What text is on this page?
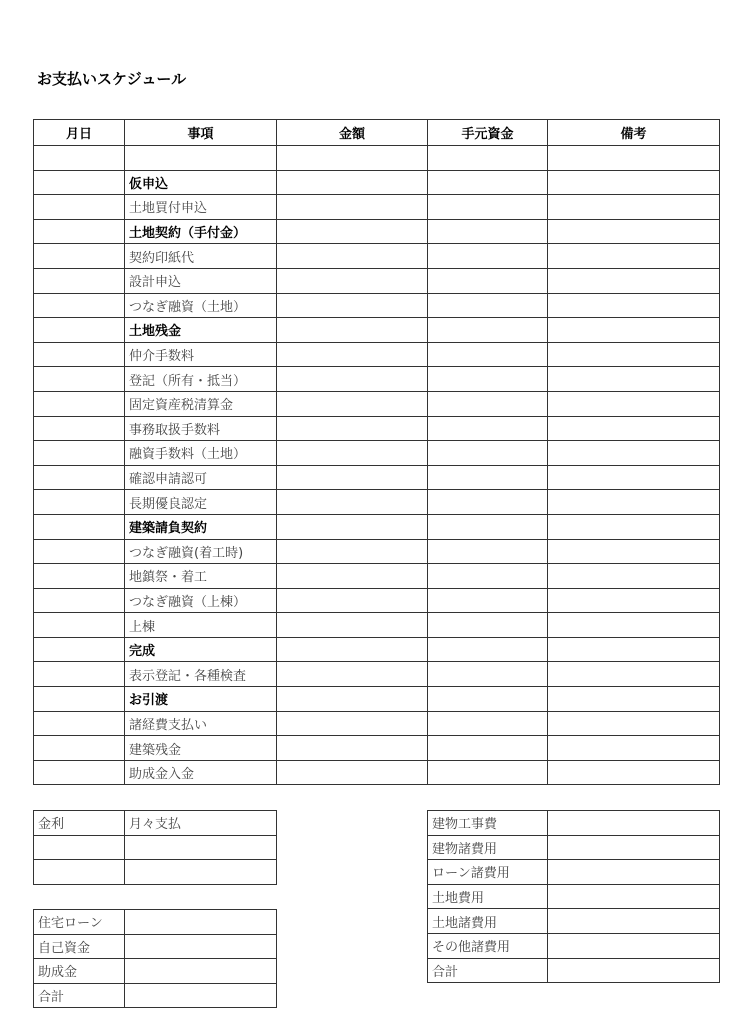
お支払いスケジュール
月日	事項	金額	手元資金	備考

	仮申込			
	土地買付申込			
	土地契約（手付金）			
	契約印紙代			
	設計申込			
	つなぎ融資（土地）			
	土地残金			
	仲介手数料			
	登記（所有・抵当）			
	固定資産税清算金			
	事務取扱手数料			
	融資手数料（土地）			
	確認申請認可			
	長期優良認定			
	建築請負契約			
	つなぎ融資(着工時)			
	地鎮祭・着工			
	つなぎ融資（上棟）			
	上棟			
	完成			
	表示登記・各種検査			
	お引渡			
	諸経費支払い			
	建築残金			
	助成金入金			
金利	月々支払

住宅ローン	
自己資金	
助成金	
合計	
建物工事費	
建物諸費用	
ローン諸費用	
土地費用	
土地諸費用	
その他諸費用	
合計	
